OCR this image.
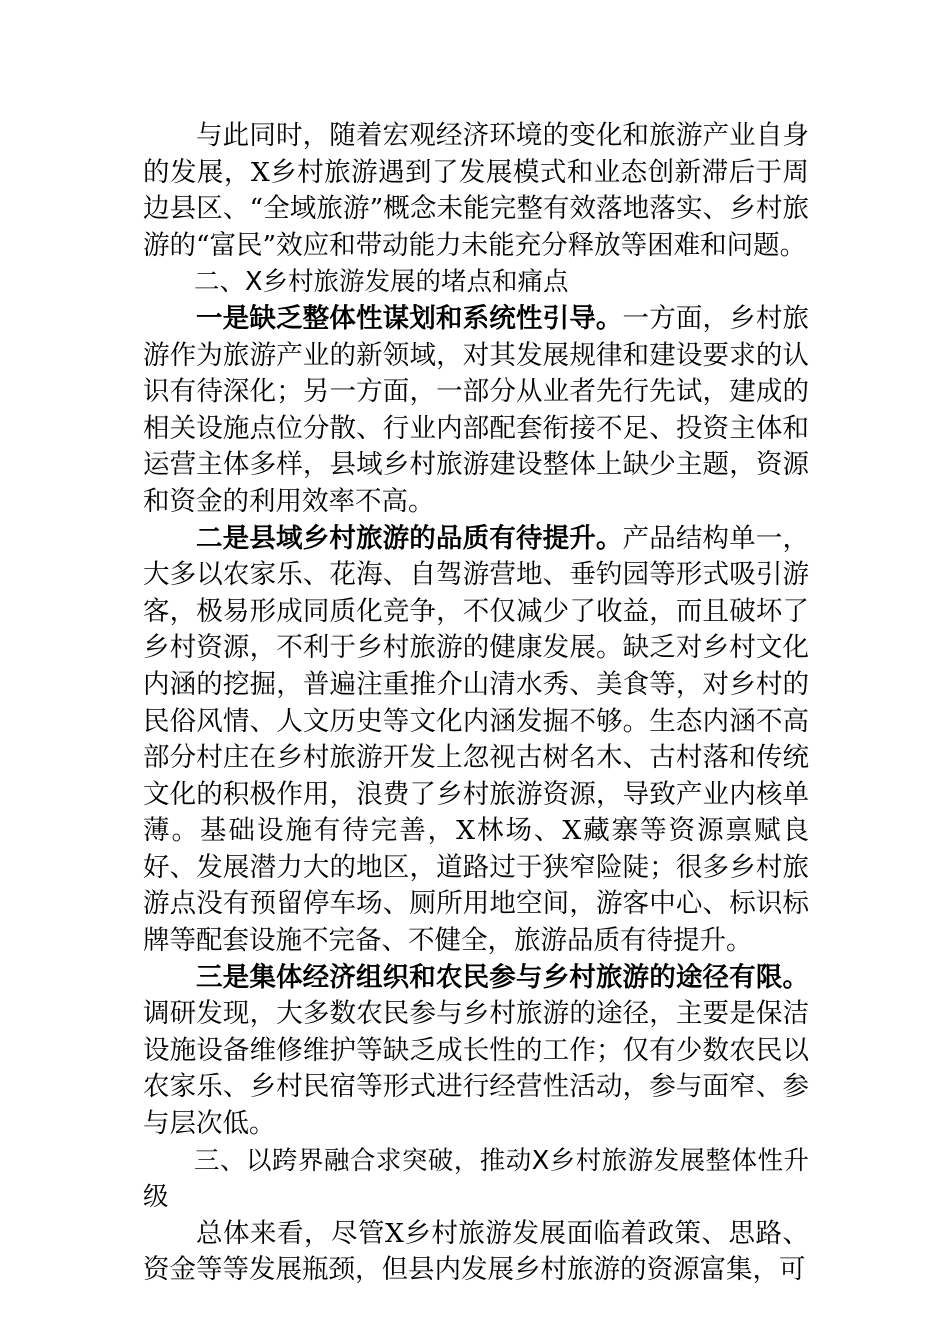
与此同时，随着宏观经济环境的变化和旅游产业自身的发展，X乡村旅游遇到了发展模式和业态创新滞后于周边县区、“全域旅游”概念未能完整有效落地落实、乡村旅游的“富民”效应和带动能力未能充分释放等困难和问题。

二、X乡村旅游发展的堵点和痛点

一是缺乏整体性谋划和系统性引导。一方面，乡村旅游作为旅游产业的新领域，对其发展规律和建设要求的认识有待深化；另一方面，一部分从业者先行先试，建成的相关设施点位分散、行业内部配套衔接不足、投资主体和运营主体多样，县域乡村旅游建设整体上缺少主题，资源和资金的利用效率不高。

二是县域乡村旅游的品质有待提升。产品结构单一，大多以农家乐、花海、自驾游营地、垂钓园等形式吸引游客，极易形成同质化竞争，不仅减少了收益，而且破坏了乡村资源，不利于乡村旅游的健康发展。缺乏对乡村文化内涵的挖掘，普遍注重推介山清水秀、美食等，对乡村的民俗风情、人文历史等文化内涵发掘不够。生态内涵不高部分村庄在乡村旅游开发上忽视古树名木、古村落和传统文化的积极作用，浪费了乡村旅游资源，导致产业内核单薄。基础设施有待完善，X林场、X藏寨等资源禀赋良好、发展潜力大的地区，道路过于狭窄险陡；很多乡村旅游点没有预留停车场、厕所用地空间，游客中心、标识标牌等配套设施不完备、不健全，旅游品质有待提升。

三是集体经济组织和农民参与乡村旅游的途径有限。调研发现，大多数农民参与乡村旅游的途径，主要是保洁设施设备维修维护等缺乏成长性的工作；仅有少数农民以农家乐、乡村民宿等形式进行经营性活动，参与面窄、参与层次低。

三、以跨界融合求突破，推动X乡村旅游发展整体性升级

总体来看，尽管X乡村旅游发展面临着政策、思路、资金等等发展瓶颈，但县内发展乡村旅游的资源富集，可
